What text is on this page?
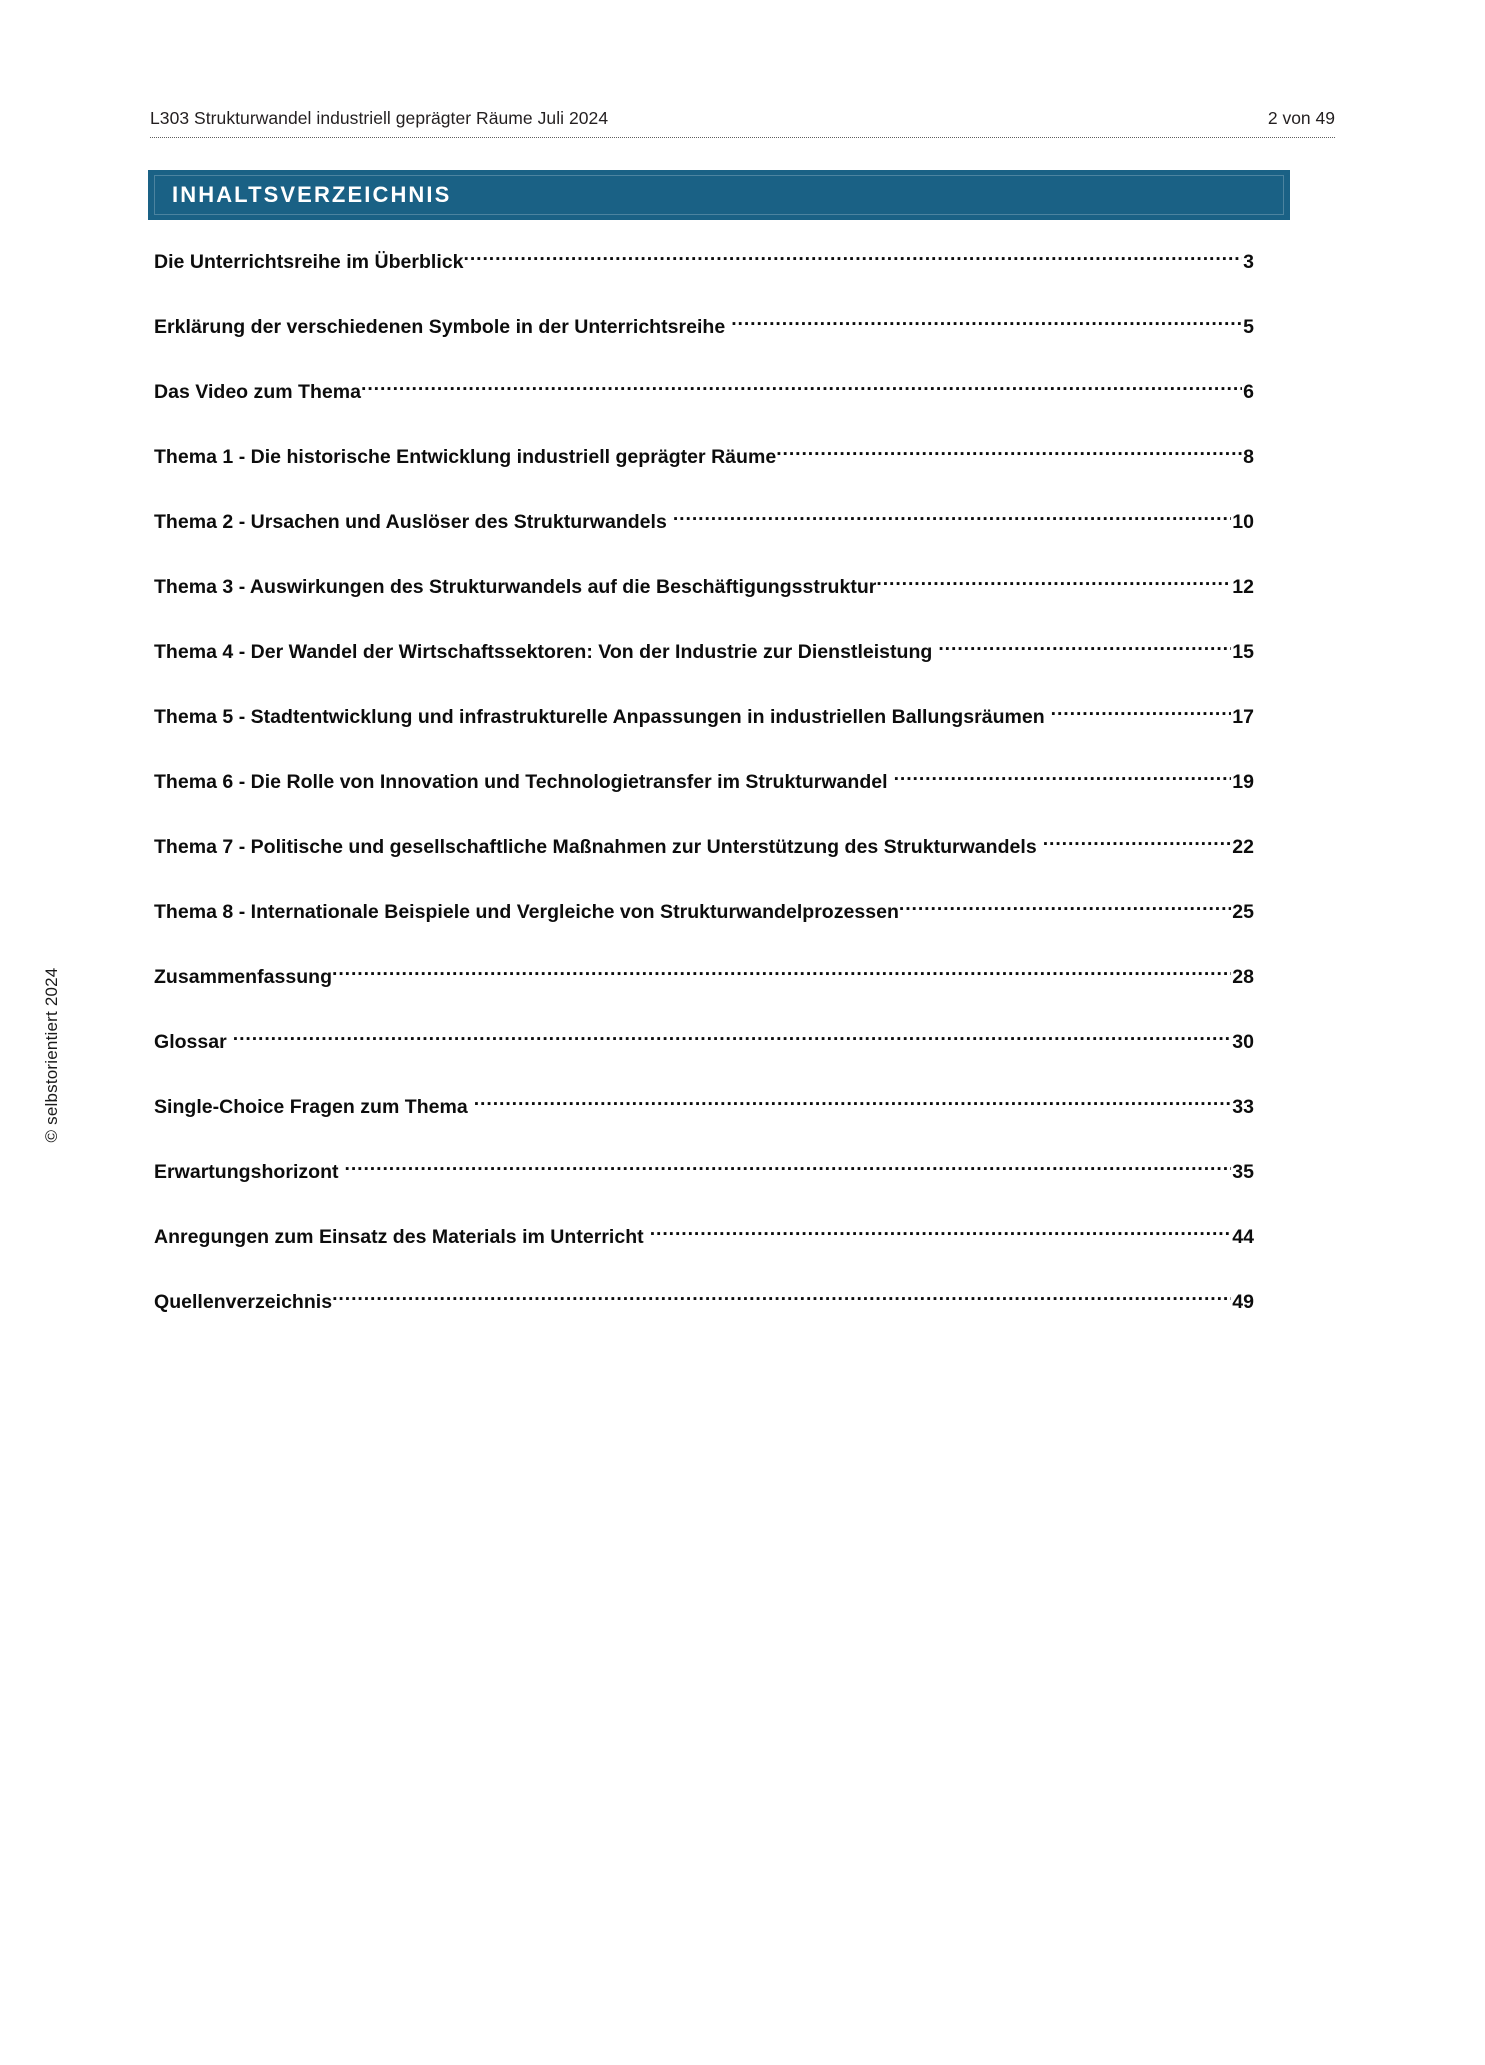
L303 Strukturwandel industriell geprägter Räume Juli 2024	2 von 49
INHALTSVERZEICHNIS
Die Unterrichtsreihe im Überblick .....	3
Erklärung der verschiedenen Symbole in der Unterrichtsreihe .....	5
Das Video zum Thema .....	6
Thema 1 - Die historische Entwicklung industriell geprägter Räume .....	8
Thema 2 - Ursachen und Auslöser des Strukturwandels .....	10
Thema 3 - Auswirkungen des Strukturwandels auf die Beschäftigungsstruktur .....	12
Thema 4 - Der Wandel der Wirtschaftssektoren: Von der Industrie zur Dienstleistung .....	15
Thema 5 - Stadtentwicklung und infrastrukturelle Anpassungen in industriellen Ballungsräumen .....	17
Thema 6 - Die Rolle von Innovation und Technologietransfer im Strukturwandel .....	19
Thema 7 - Politische und gesellschaftliche Maßnahmen zur Unterstützung des Strukturwandels .....	22
Thema 8 - Internationale Beispiele und Vergleiche von Strukturwandelprozessen .....	25
Zusammenfassung .....	28
Glossar .....	30
Single-Choice Fragen zum Thema .....	33
Erwartungshorizont .....	35
Anregungen zum Einsatz des Materials im Unterricht .....	44
Quellenverzeichnis .....	49
© selbstorientiert 2024
